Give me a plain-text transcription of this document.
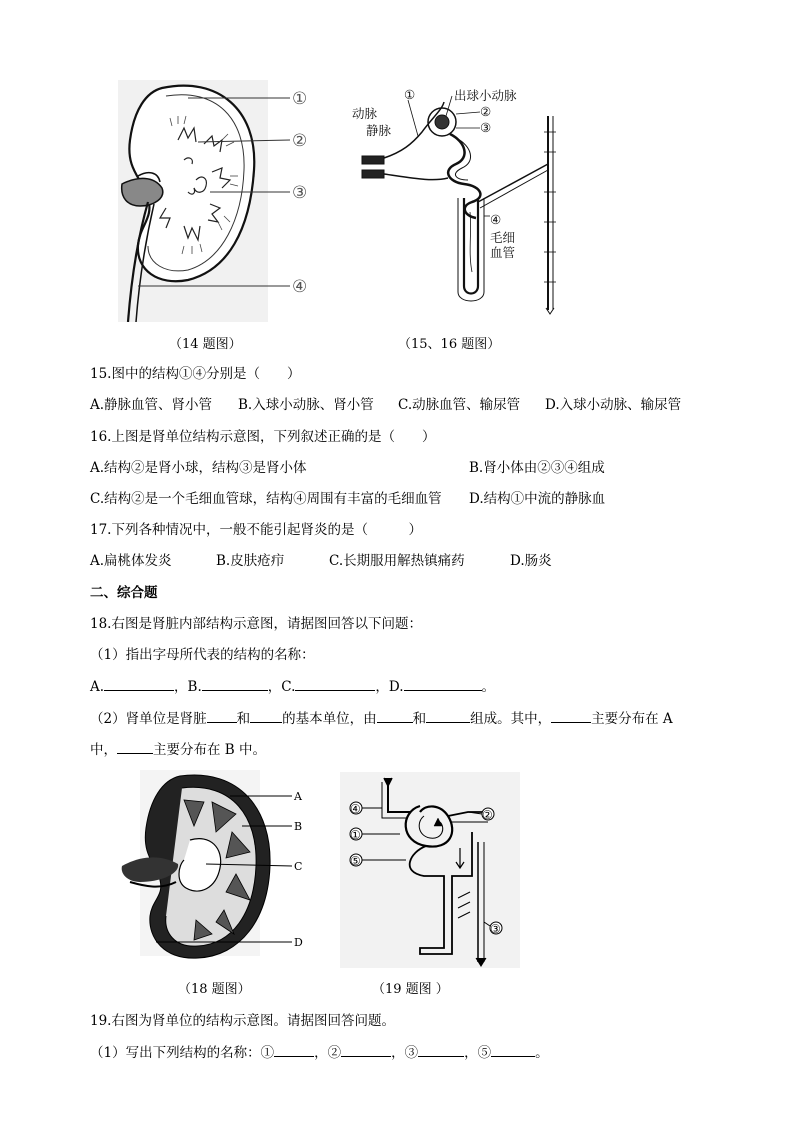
①
②
③
④
①	出球小动脉
动脉
静脉
②
③
④
毛细
血管
（14 题图）	（15、16 题图）
15.图中的结构①④分别是（　　）
A.静脉血管、肾小管 B.入球小动脉、肾小管 C.动脉血管、输尿管 D.入球小动脉、输尿管
16.上图是肾单位结构示意图，下列叙述正确的是（　　）
A.结构②是肾小球，结构③是肾小体	B.肾小体由②③④组成
C.结构②是一个毛细血管球，结构④周围有丰富的毛细血管 D.结构①中流的静脉血
17.下列各种情况中，一般不能引起肾炎的是（　　　）
A.扁桃体发炎	B.皮肤疮疖	C.长期服用解热镇痛药	D.肠炎
二、综合题
18.右图是肾脏内部结构示意图，请据图回答以下问题：
（1）指出字母所代表的结构的名称：
A.	，B.	，C.	，D.	。
（2）肾单位是肾脏 和 的基本单位，由	和	组成。其中，	主要分布在 A
中，	主要分布在 B 中。
A
B
C
D
④
①
⑤
②
③
（18 题图）	（19 题图 ）
19.右图为肾单位的结构示意图。请据图回答问题。
（1）写出下列结构的名称：①	，②	，③	，⑤	。
